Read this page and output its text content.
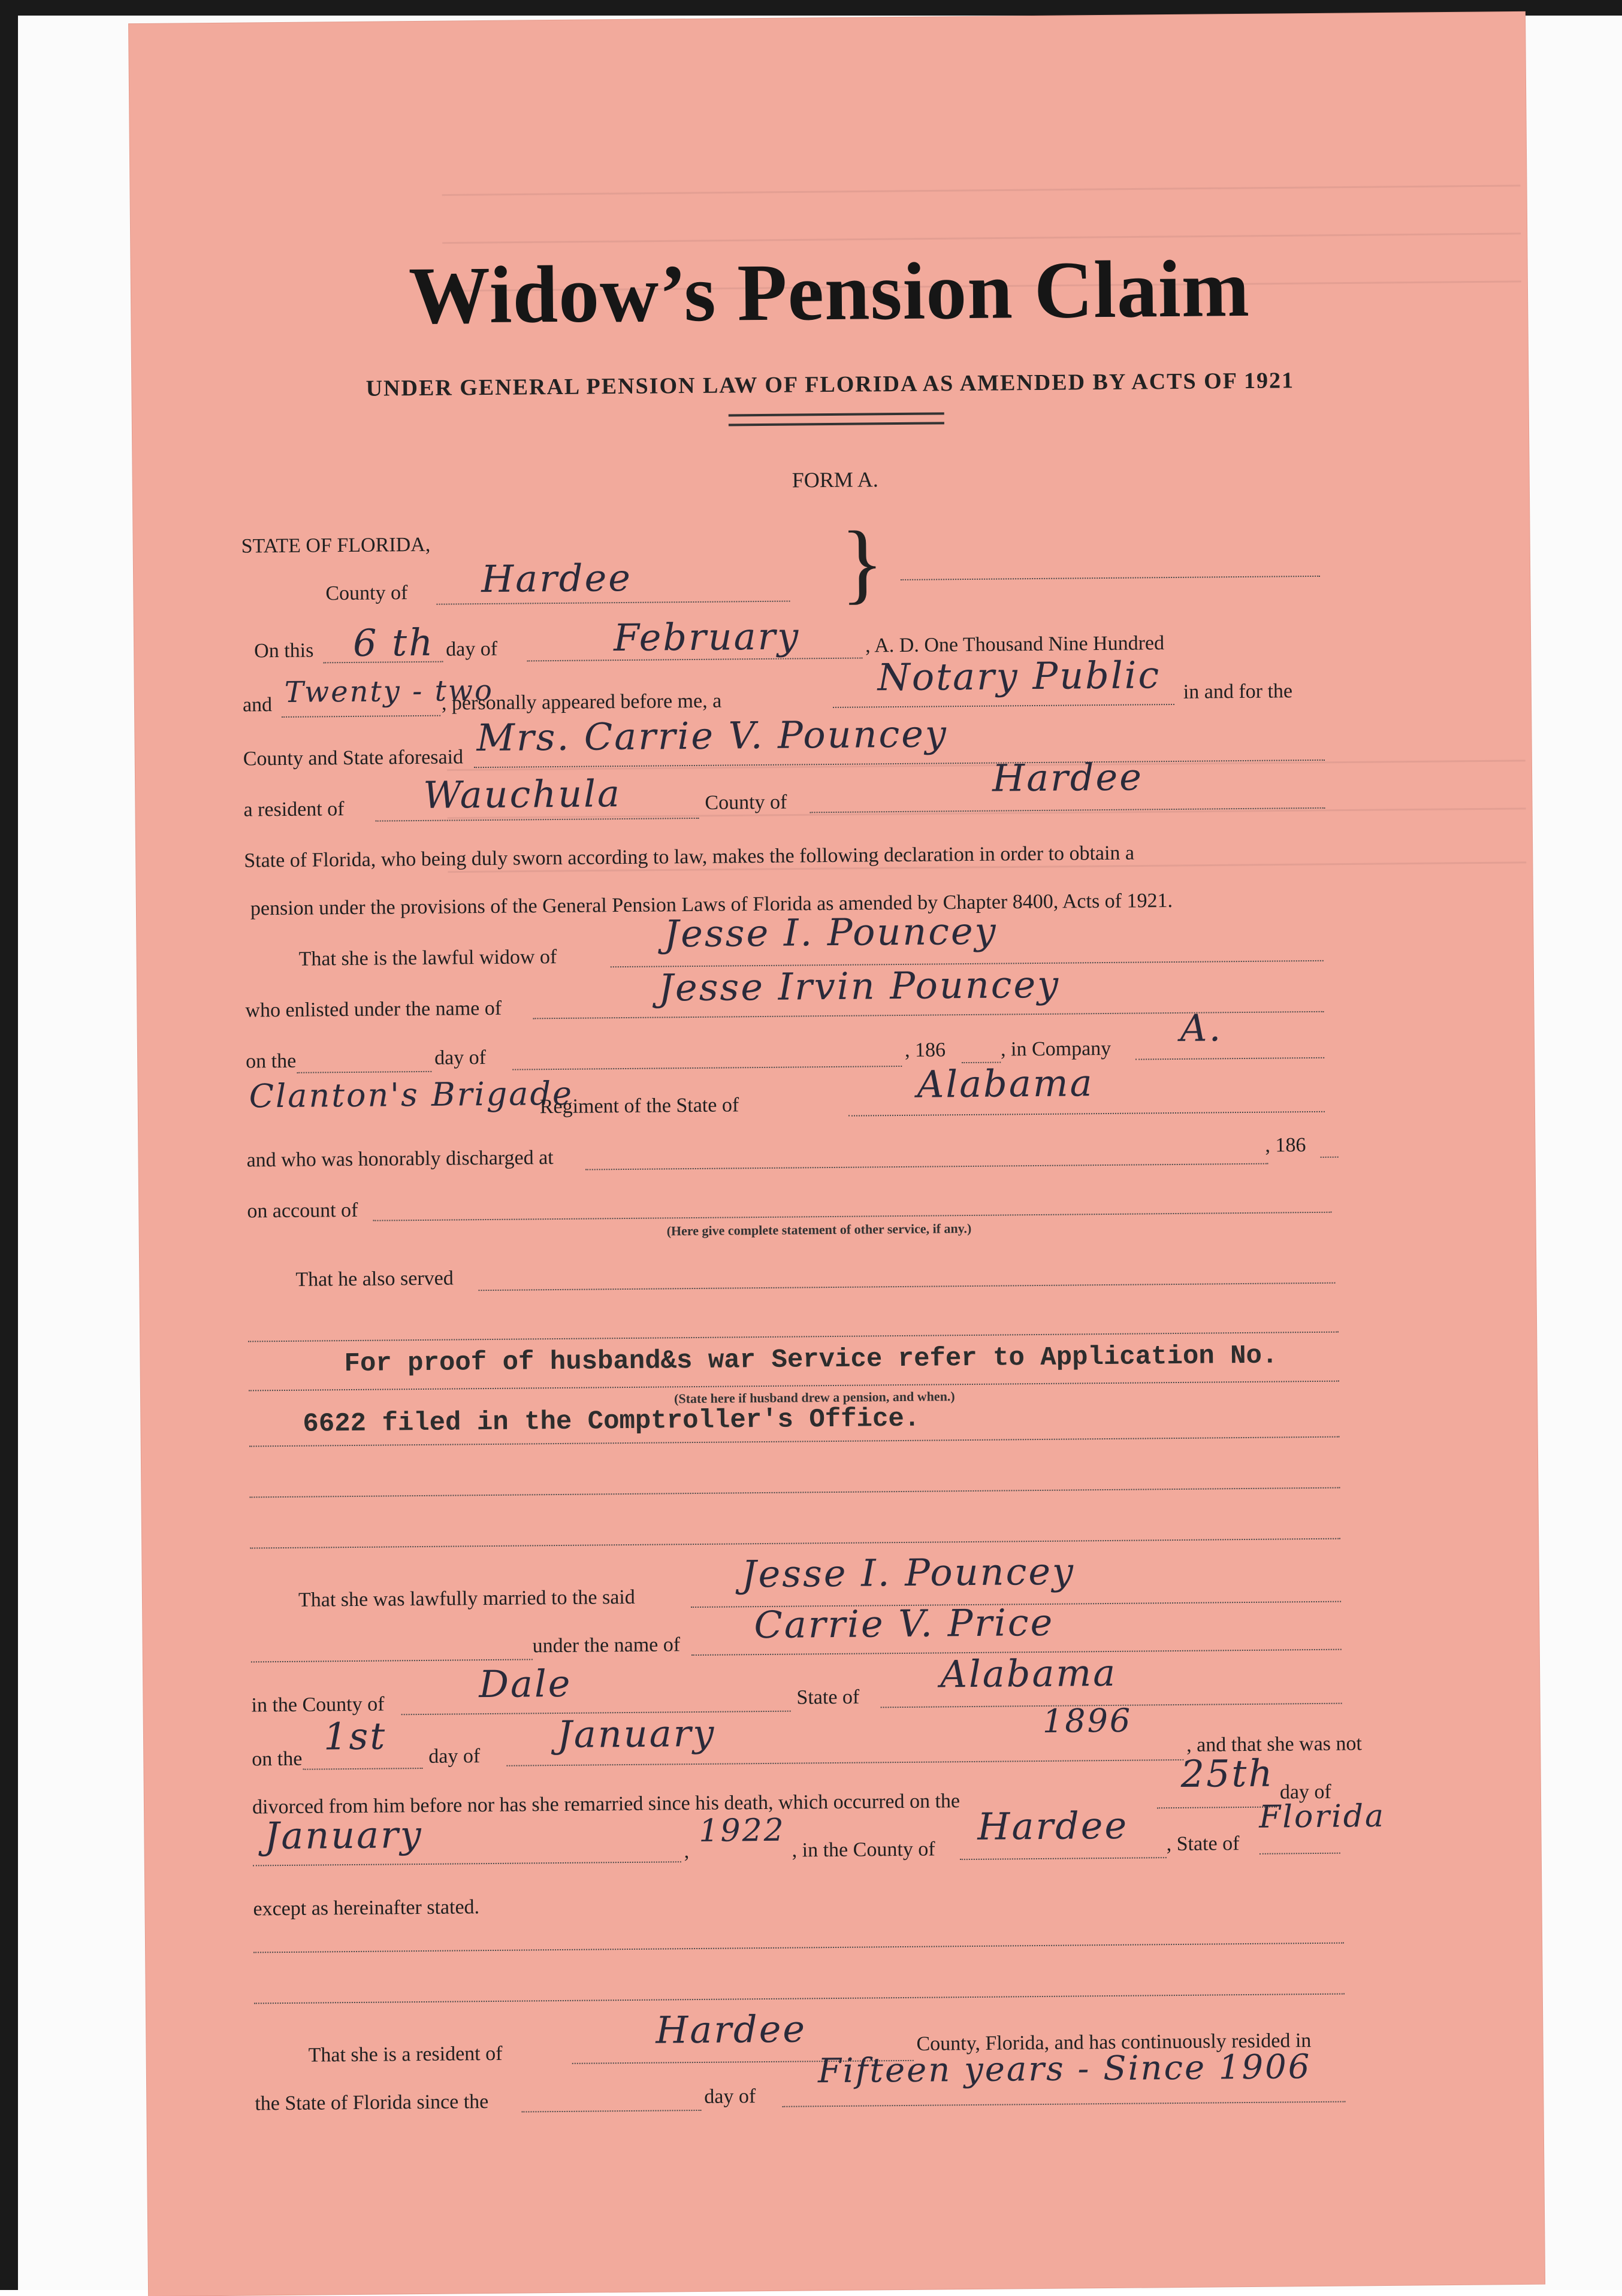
Widow’s Pension Claim
UNDER GENERAL PENSION LAW OF FLORIDA AS AMENDED BY ACTS OF 1921
FORM A.
STATE OF FLORIDA,
County of Hardee }
On this 6 th day of	February	, A. D. One Thousand Nine Hundred
and Twenty - two
, personally appeared before me, a
Notary Public in and for the
County and State aforesaid Mrs. Carrie V. Pouncey
a resident of Wauchula	County of
Hardee
State of Florida, who being duly sworn according to law, makes the following declaration in order to obtain a
pension under the provisions of the General Pension Laws of Florida as amended by Chapter 8400, Acts of 1921.
That she is the lawful widow of
Jesse I. Pouncey
who enlisted under the name of	Jesse Irvin Pouncey
on the	day of	, 186	, in Company A.
Clanton's Brigade
Regiment of the State of	Alabama
and who was honorably discharged at
, 186
on account of
(Here give complete statement of other service, if any.)
That he also served
For proof of husband&s war Service refer to Application No.
(State here if husband drew a pension, and when.)
6622 filed in the Comptroller's Office.
That she was lawfully married to the said
Jesse I. Pouncey
under the name of Carrie V. Price
in the County of	Dale	State of
Alabama
on the
1st day of
January	1896
, and that she was not
divorced from him before nor has she remarried since his death, which occurred on the
25th day of
January	,
1922
, in the County of
Hardee , State of
Florida
except as hereinafter stated.
That she is a resident of
Hardee	County, Florida, and has continuously resided in
the State of Florida since the	day of
Fifteen years - Since 1906
